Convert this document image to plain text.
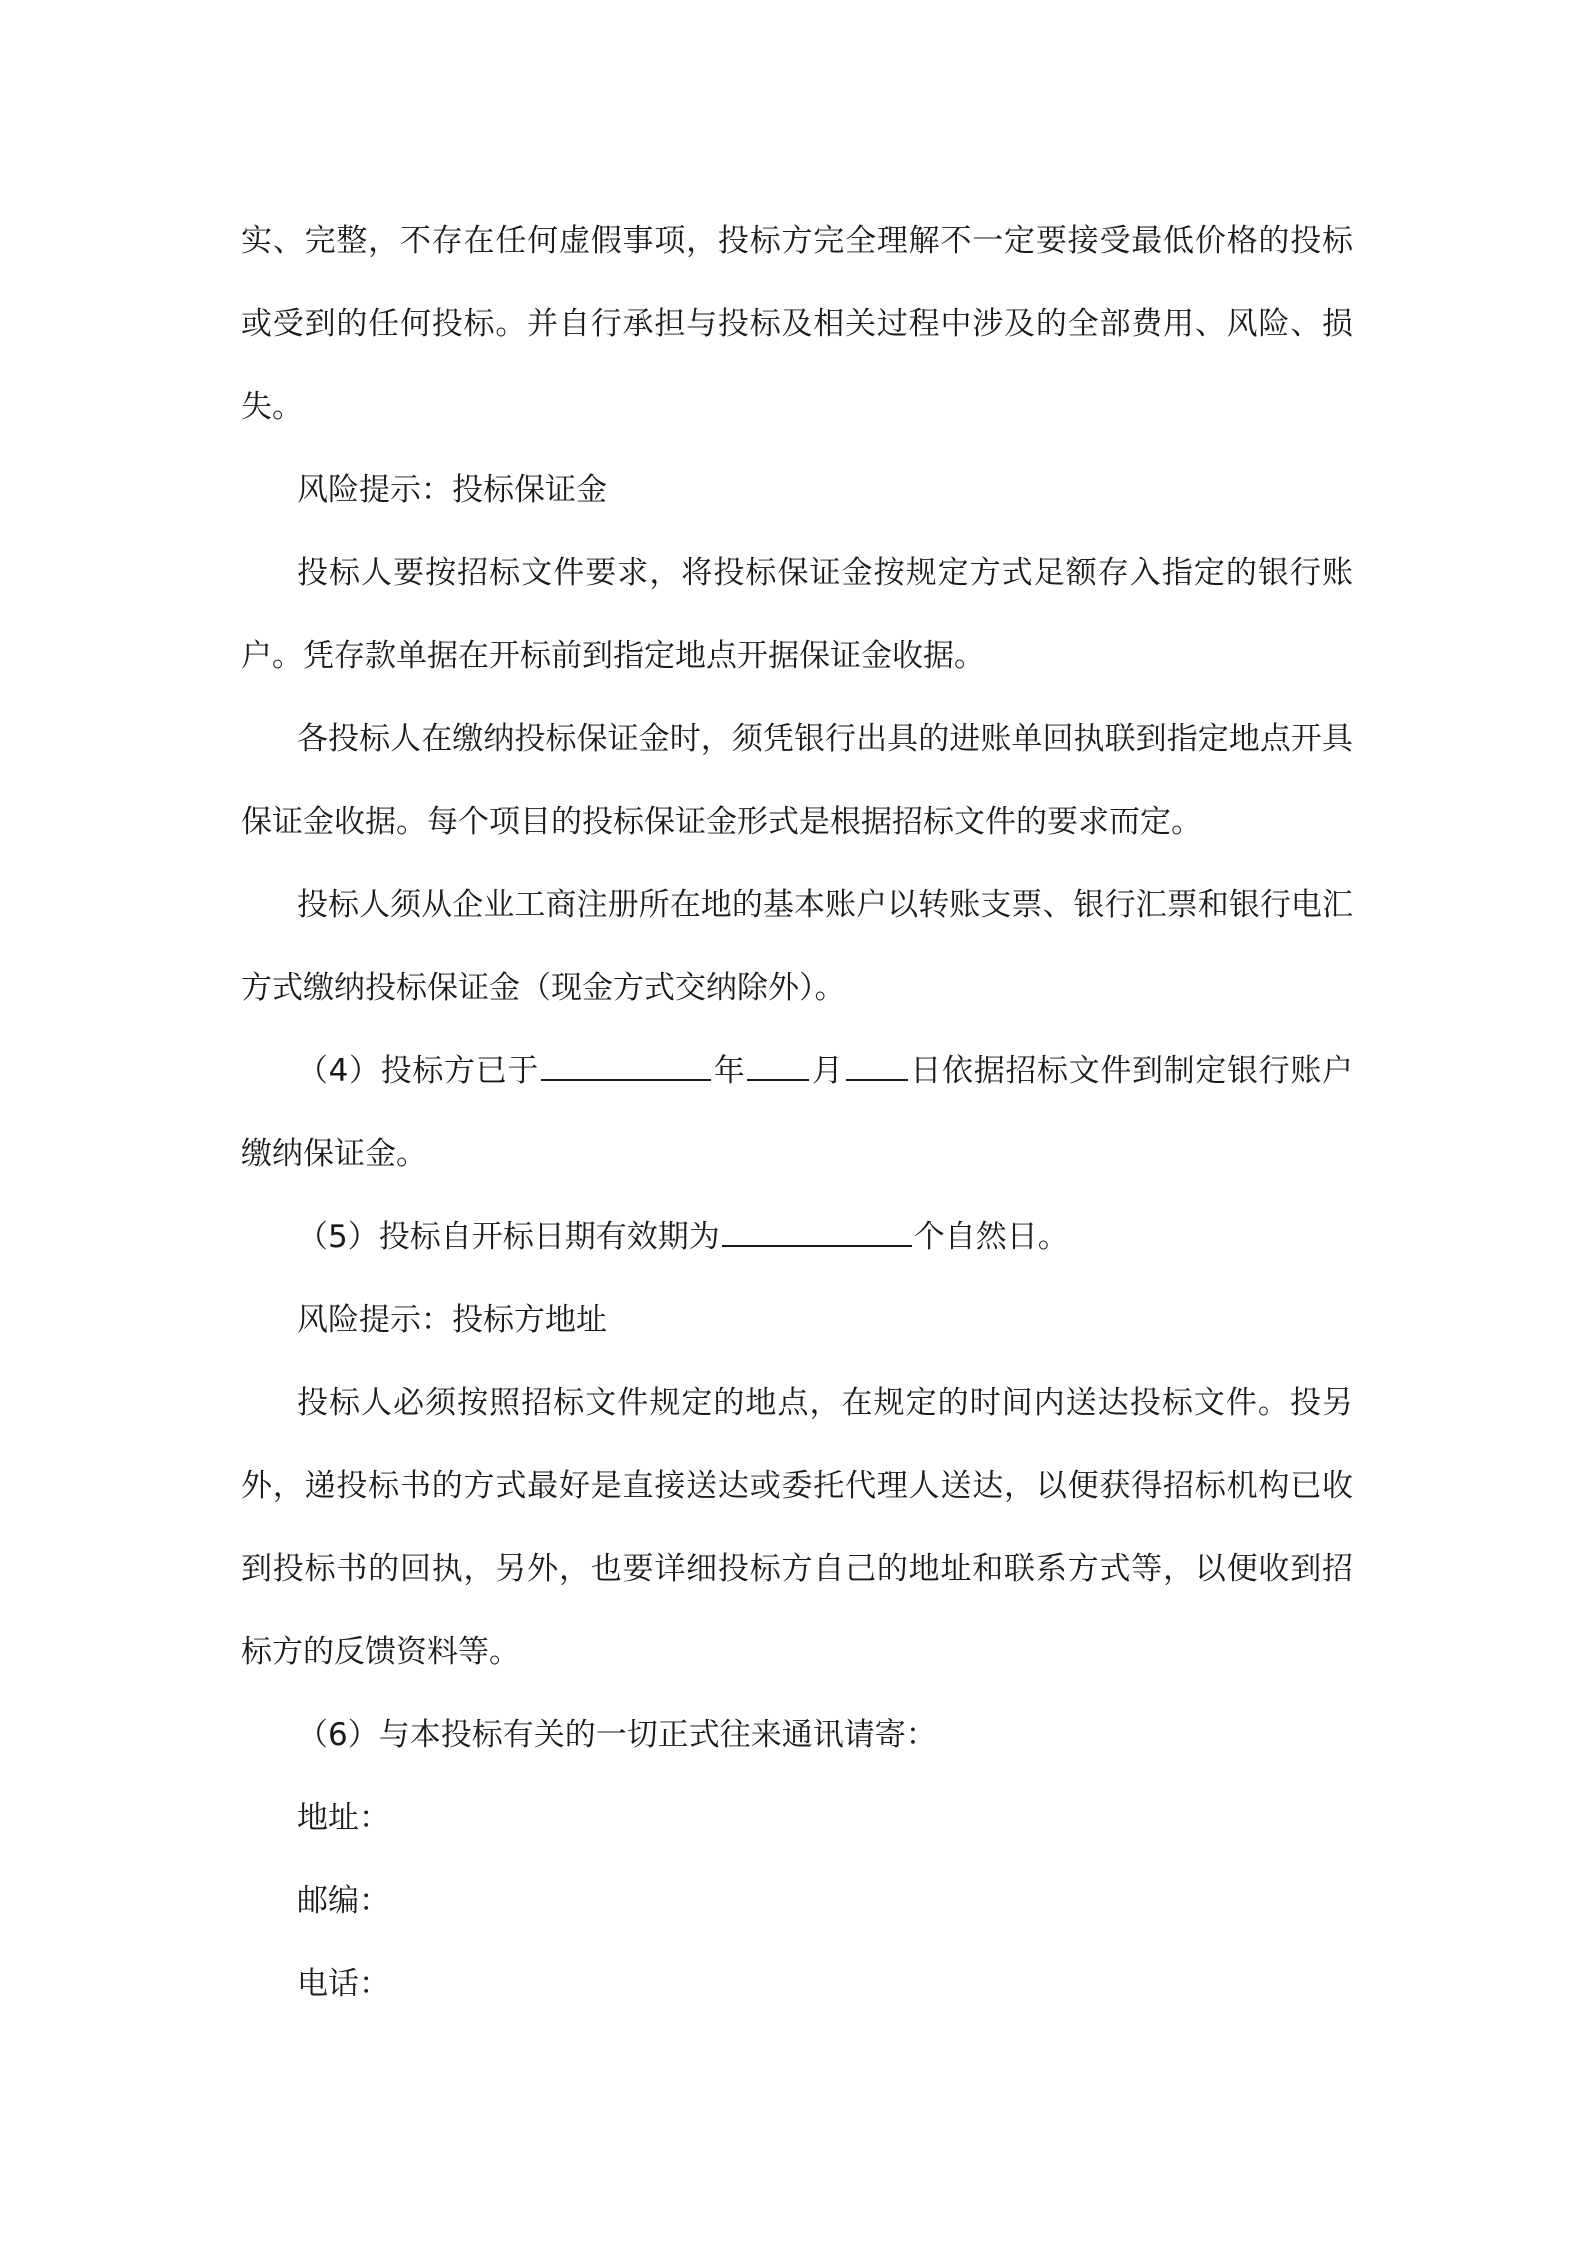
实、完整，不存在任何虚假事项，投标方完全理解不一定要接受最低价格的投标或受到的任何投标。并自行承担与投标及相关过程中涉及的全部费用、风险、损失。

风险提示：投标保证金

投标人要按招标文件要求，将投标保证金按规定方式足额存入指定的银行账户。凭存款单据在开标前到指定地点开据保证金收据。

各投标人在缴纳投标保证金时，须凭银行出具的进账单回执联到指定地点开具保证金收据。每个项目的投标保证金形式是根据招标文件的要求而定。

投标人须从企业工商注册所在地的基本账户以转账支票、银行汇票和银行电汇方式缴纳投标保证金（现金方式交纳除外）。

（4）投标方已于	年 月 日依据招标文件到制定银行账户缴纳保证金。

（5）投标自开标日期有效期为	个自然日。

风险提示：投标方地址

投标人必须按照招标文件规定的地点，在规定的时间内送达投标文件。投另外，递投标书的方式最好是直接送达或委托代理人送达，以便获得招标机构已收到投标书的回执，另外，也要详细投标方自己的地址和联系方式等，以便收到招标方的反馈资料等。

（6）与本投标有关的一切正式往来通讯请寄：

地址：

邮编：

电话：
